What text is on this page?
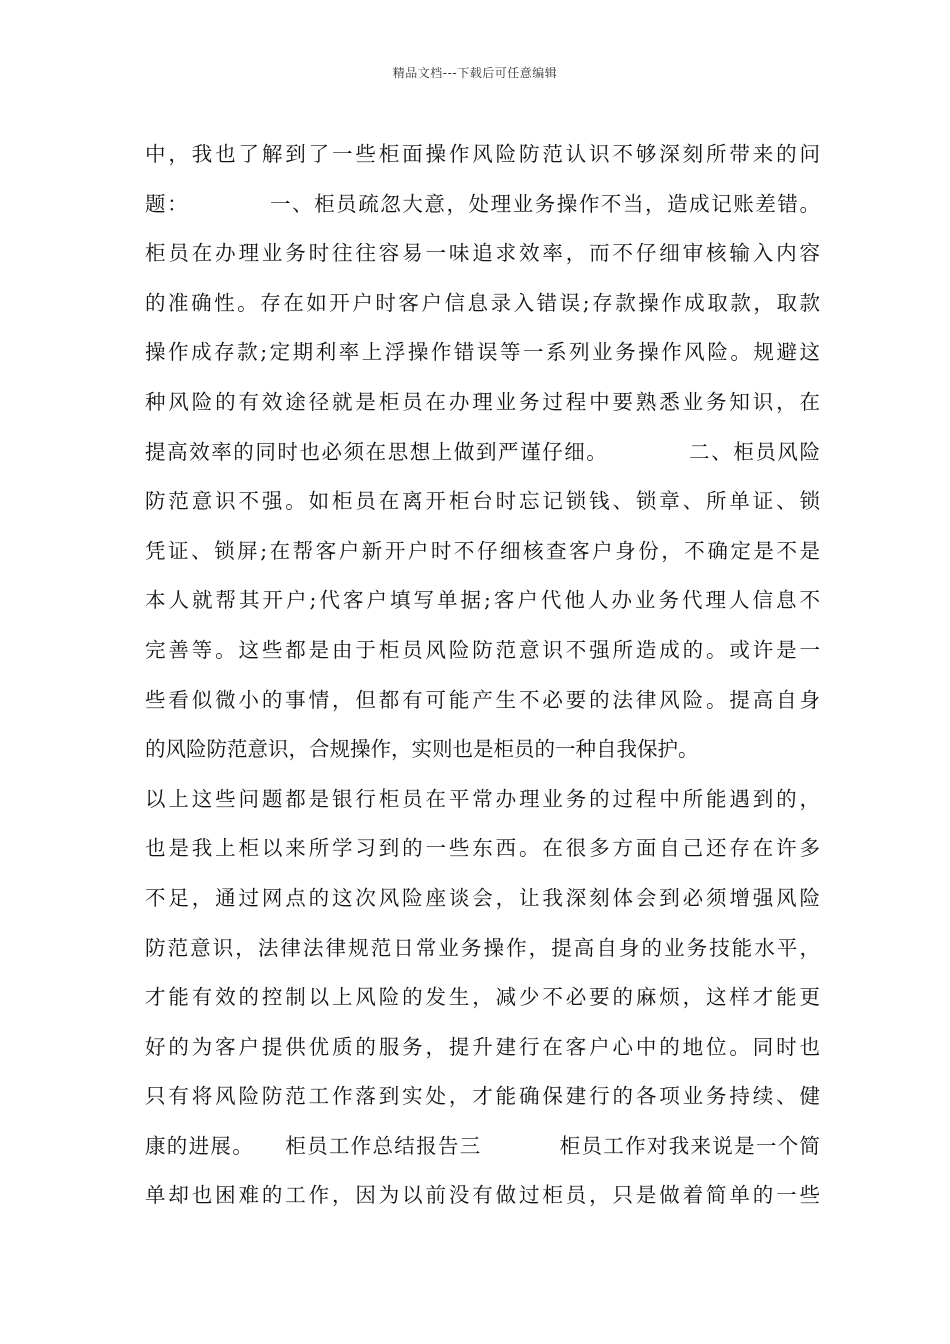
精品文档---下载后可任意编辑
中，我也了解到了一些柜面操作风险防范认识不够深刻所带来的问
题：          一、柜员疏忽大意，处理业务操作不当，造成记账差错。
柜员在办理业务时往往容易一味追求效率，而不仔细审核输入内容
的准确性。存在如开户时客户信息录入错误;存款操作成取款，取款
操作成存款;定期利率上浮操作错误等一系列业务操作风险。规避这
种风险的有效途径就是柜员在办理业务过程中要熟悉业务知识，在
提高效率的同时也必须在思想上做到严谨仔细。          二、柜员风险
防范意识不强。如柜员在离开柜台时忘记锁钱、锁章、所单证、锁
凭证、锁屏;在帮客户新开户时不仔细核查客户身份，不确定是不是
本人就帮其开户;代客户填写单据;客户代他人办业务代理人信息不
完善等。这些都是由于柜员风险防范意识不强所造成的。或许是一
些看似微小的事情，但都有可能产生不必要的法律风险。提高自身
的风险防范意识，合规操作，实则也是柜员的一种自我保护。
以上这些问题都是银行柜员在平常办理业务的过程中所能遇到的，
也是我上柜以来所学习到的一些东西。在很多方面自己还存在许多
不足，通过网点的这次风险座谈会，让我深刻体会到必须增强风险
防范意识，法律法律规范日常业务操作，提高自身的业务技能水平，
才能有效的控制以上风险的发生，减少不必要的麻烦，这样才能更
好的为客户提供优质的服务，提升建行在客户心中的地位。同时也
只有将风险防范工作落到实处，才能确保建行的各项业务持续、健
康的进展。    柜员工作总结报告三          柜员工作对我来说是一个简
单却也困难的工作，因为以前没有做过柜员，只是做着简单的一些
